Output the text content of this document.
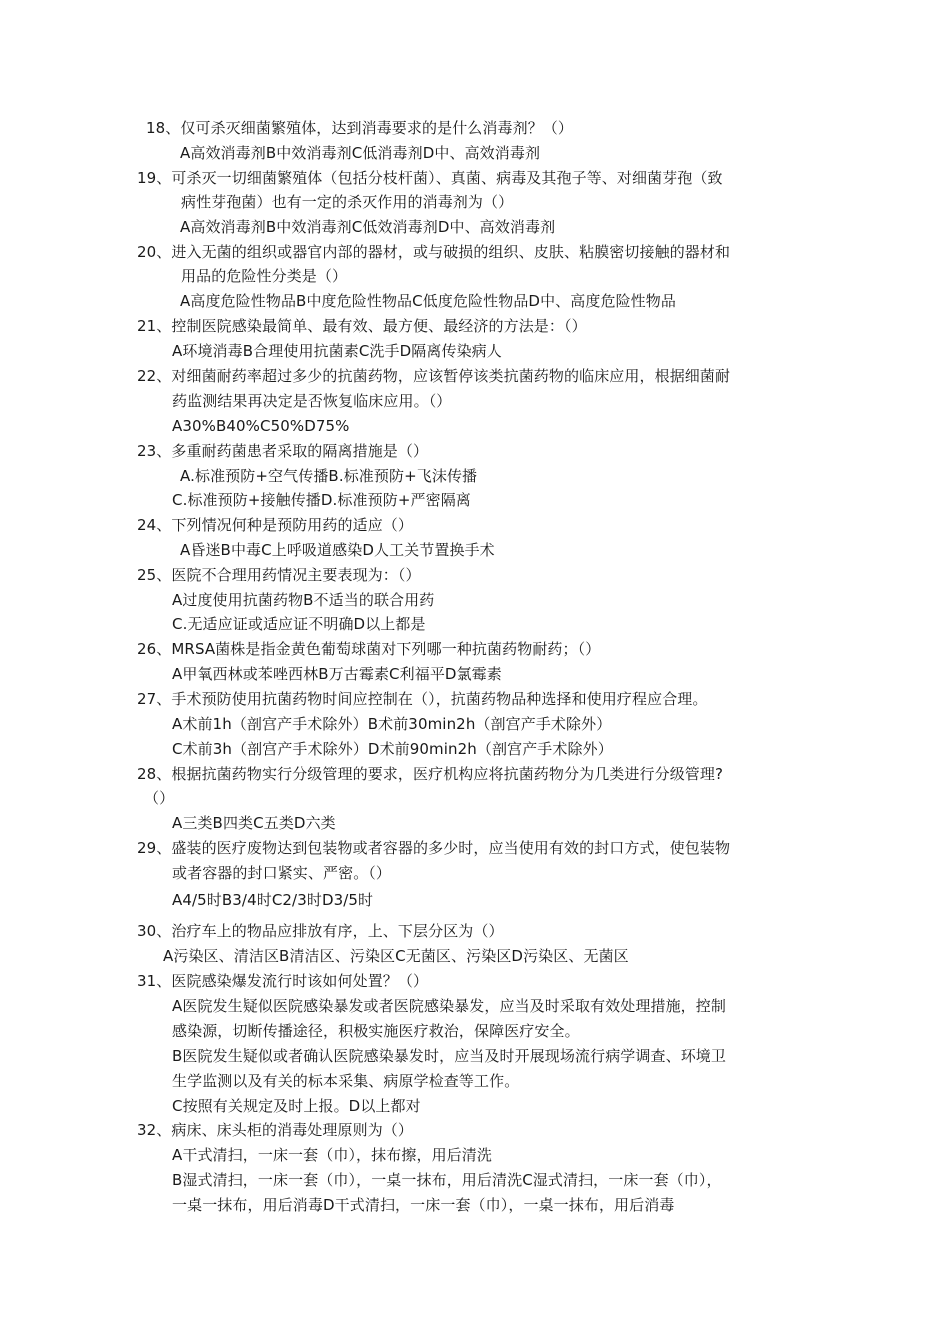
18、仅可杀灭细菌繁殖体，达到消毒要求的是什么消毒剂？（）
A高效消毒剂B中效消毒剂C低消毒剂D中、高效消毒剂
19、可杀灭一切细菌繁殖体（包括分枝杆菌）、真菌、病毒及其孢子等、对细菌芽孢（致
病性芽孢菌）也有一定的杀灭作用的消毒剂为（）
A高效消毒剂B中效消毒剂C低效消毒剂D中、高效消毒剂
20、进入无菌的组织或器官内部的器材，或与破损的组织、皮肤、粘膜密切接触的器材和
用品的危险性分类是（）
A高度危险性物品B中度危险性物品C低度危险性物品D中、高度危险性物品
21、控制医院感染最简单、最有效、最方便、最经济的方法是：（）
A环境消毒B合理使用抗菌素C洗手D隔离传染病人
22、对细菌耐药率超过多少的抗菌药物，应该暂停该类抗菌药物的临床应用，根据细菌耐
药监测结果再决定是否恢复临床应用。（）
A30%B40%C50%D75%
23、多重耐药菌患者采取的隔离措施是（）
A.标准预防+空气传播B.标准预防+飞沫传播
C.标准预防+接触传播D.标准预防+严密隔离
24、下列情况何种是预防用药的适应（）
A昏迷B中毒C上呼吸道感染D人工关节置换手术
25、医院不合理用药情况主要表现为：（）
A过度使用抗菌药物B不适当的联合用药
C.无适应证或适应证不明确D以上都是
26、MRSA菌株是指金黄色葡萄球菌对下列哪一种抗菌药物耐药；（）
A甲氧西林或苯唑西林B万古霉素C利福平D氯霉素
27、手术预防使用抗菌药物时间应控制在（），抗菌药物品种选择和使用疗程应合理。
A术前1h（剖宫产手术除外）B术前30min2h（剖宫产手术除外）
C术前3h（剖宫产手术除外）D术前90min2h（剖宫产手术除外）
28、根据抗菌药物实行分级管理的要求，医疗机构应将抗菌药物分为几类进行分级管理?
（）
A三类B四类C五类D六类
29、盛装的医疗废物达到包装物或者容器的多少时，应当使用有效的封口方式，使包装物
或者容器的封口紧实、严密。（）
A4/5时B3/4时C2/3时D3/5时
30、治疗车上的物品应排放有序，上、下层分区为（）
A污染区、清洁区B清洁区、污染区C无菌区、污染区D污染区、无菌区
31、医院感染爆发流行时该如何处置？（）
A医院发生疑似医院感染暴发或者医院感染暴发，应当及时采取有效处理措施，控制
感染源，切断传播途径，积极实施医疗救治，保障医疗安全。
B医院发生疑似或者确认医院感染暴发时，应当及时开展现场流行病学调查、环境卫
生学监测以及有关的标本采集、病原学检查等工作。
C按照有关规定及时上报。D以上都对
32、病床、床头柜的消毒处理原则为（）
A干式清扫，一床一套（巾），抹布擦，用后清洗
B湿式清扫，一床一套（巾），一桌一抹布，用后清洗C湿式清扫，一床一套（巾），
一桌一抹布，用后消毒D干式清扫，一床一套（巾），一桌一抹布，用后消毒
